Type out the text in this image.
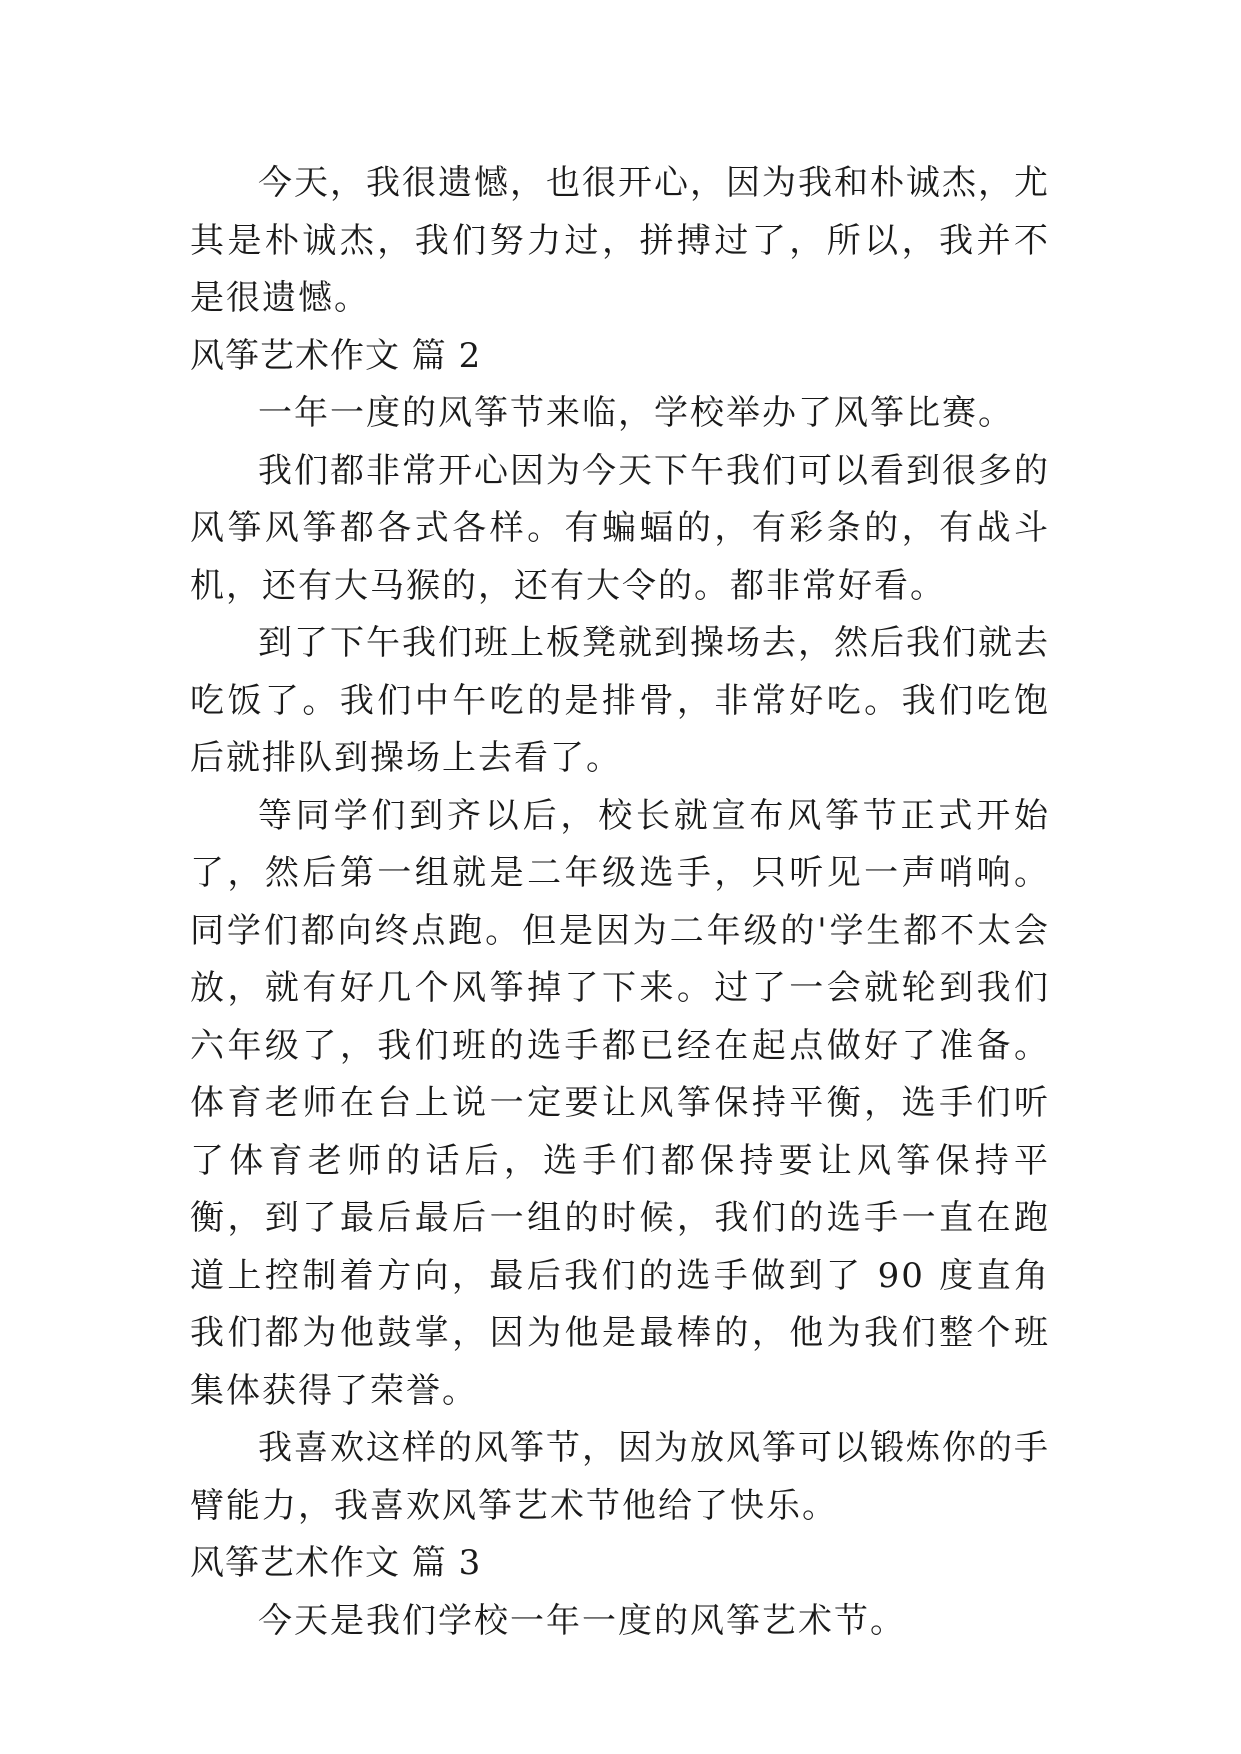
今天，我很遗憾，也很开心，因为我和朴诚杰，尤其是朴诚杰，我们努力过，拼搏过了，所以，我并不是很遗憾。

风筝艺术作文 篇 2

一年一度的风筝节来临，学校举办了风筝比赛。

我们都非常开心因为今天下午我们可以看到很多的风筝风筝都各式各样。有蝙蝠的，有彩条的，有战斗机，还有大马猴的，还有大令的。都非常好看。

到了下午我们班上板凳就到操场去，然后我们就去吃饭了。我们中午吃的是排骨，非常好吃。我们吃饱后就排队到操场上去看了。

等同学们到齐以后，校长就宣布风筝节正式开始了，然后第一组就是二年级选手，只听见一声哨响。同学们都向终点跑。但是因为二年级的'学生都不太会放，就有好几个风筝掉了下来。过了一会就轮到我们六年级了，我们班的选手都已经在起点做好了准备。体育老师在台上说一定要让风筝保持平衡，选手们听了体育老师的话后，选手们都保持要让风筝保持平衡，到了最后最后一组的时候，我们的选手一直在跑道上控制着方向，最后我们的选手做到了 90 度直角我们都为他鼓掌，因为他是最棒的，他为我们整个班集体获得了荣誉。

我喜欢这样的风筝节，因为放风筝可以锻炼你的手臂能力，我喜欢风筝艺术节他给了快乐。

风筝艺术作文 篇 3

今天是我们学校一年一度的风筝艺术节。
